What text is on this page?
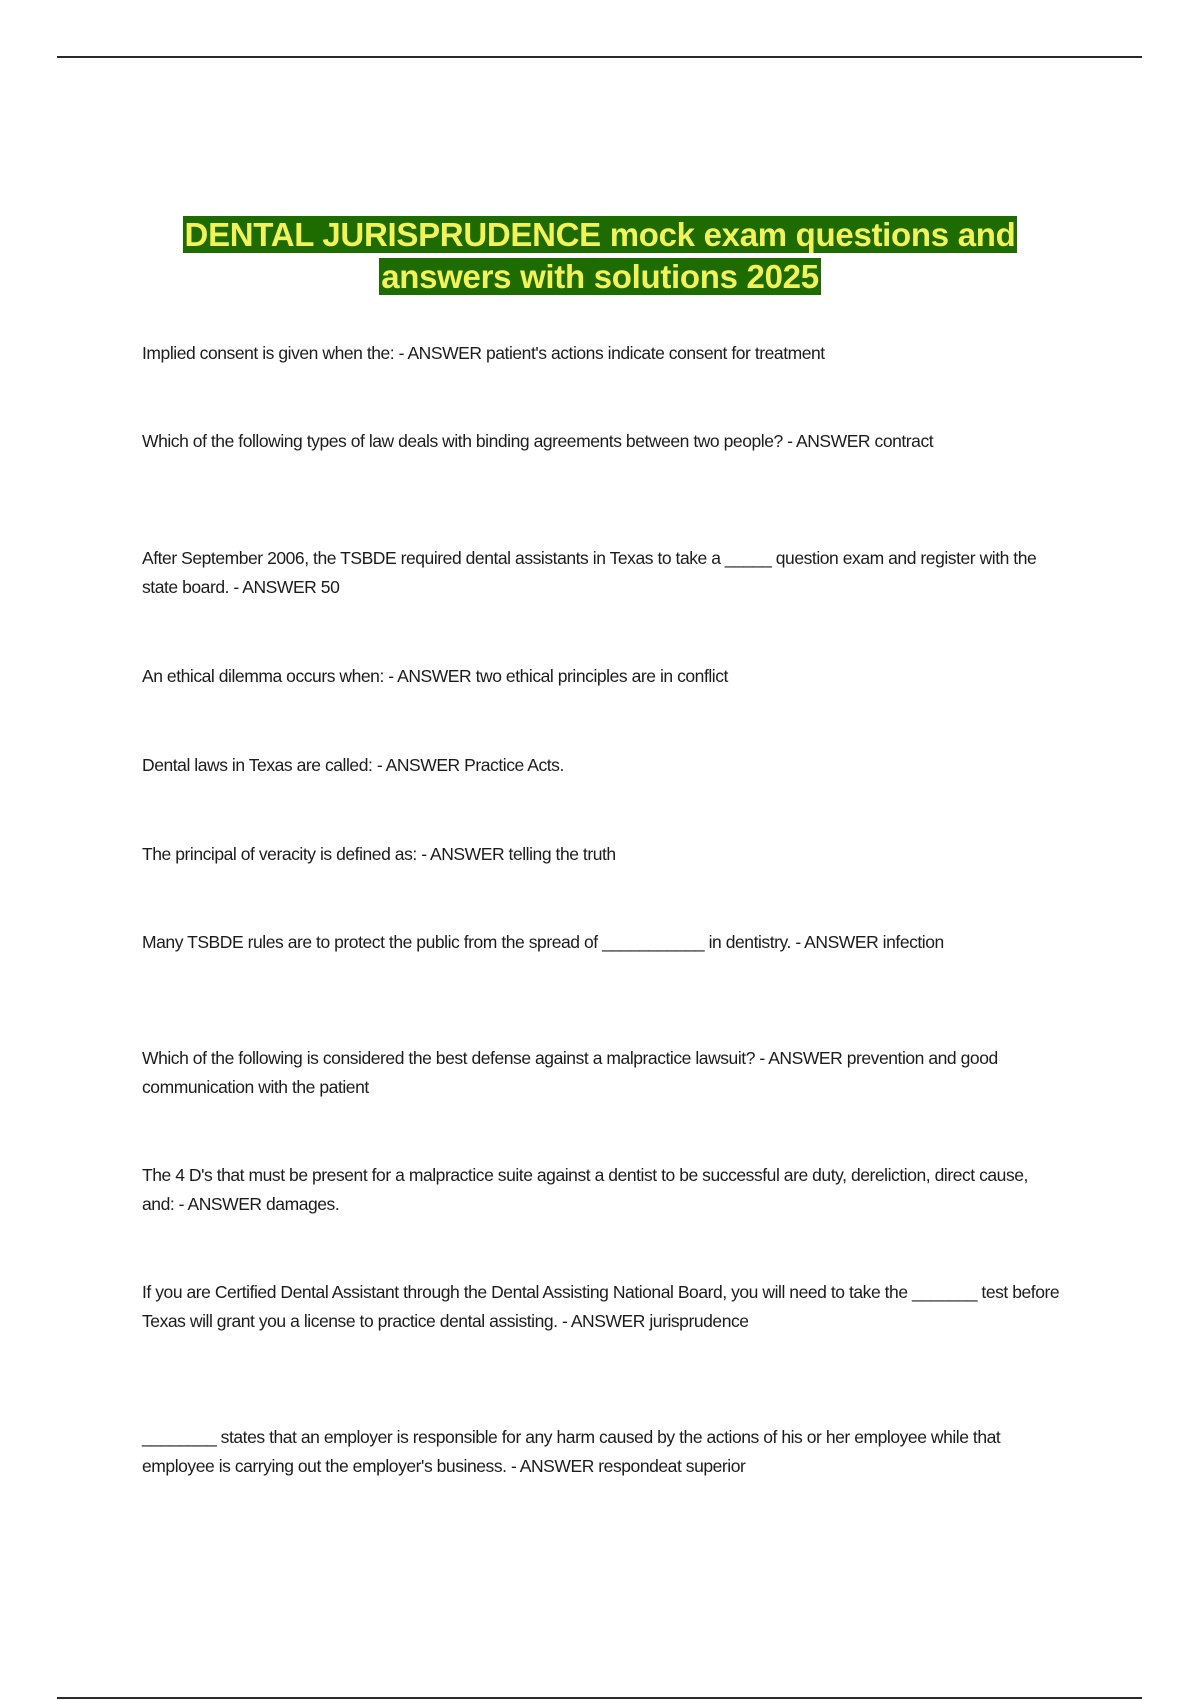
DENTAL JURISPRUDENCE mock exam questions and answers with solutions 2025
Implied consent is given when the: - ANSWER patient's actions indicate consent for treatment
Which of the following types of law deals with binding agreements between two people? - ANSWER contract
After September 2006, the TSBDE required dental assistants in Texas to take a _____ question exam and register with the state board. - ANSWER 50
An ethical dilemma occurs when: - ANSWER two ethical principles are in conflict
Dental laws in Texas are called: - ANSWER Practice Acts.
The principal of veracity is defined as: - ANSWER telling the truth
Many TSBDE rules are to protect the public from the spread of ___________ in dentistry. - ANSWER infection
Which of the following is considered the best defense against a malpractice lawsuit? - ANSWER prevention and good communication with the patient
The 4 D's that must be present for a malpractice suite against a dentist to be successful are duty, dereliction, direct cause, and: - ANSWER damages.
If you are Certified Dental Assistant through the Dental Assisting National Board, you will need to take the _______ test before Texas will grant you a license to practice dental assisting. - ANSWER jurisprudence
________ states that an employer is responsible for any harm caused by the actions of his or her employee while that employee is carrying out the employer's business. - ANSWER respondeat superior
